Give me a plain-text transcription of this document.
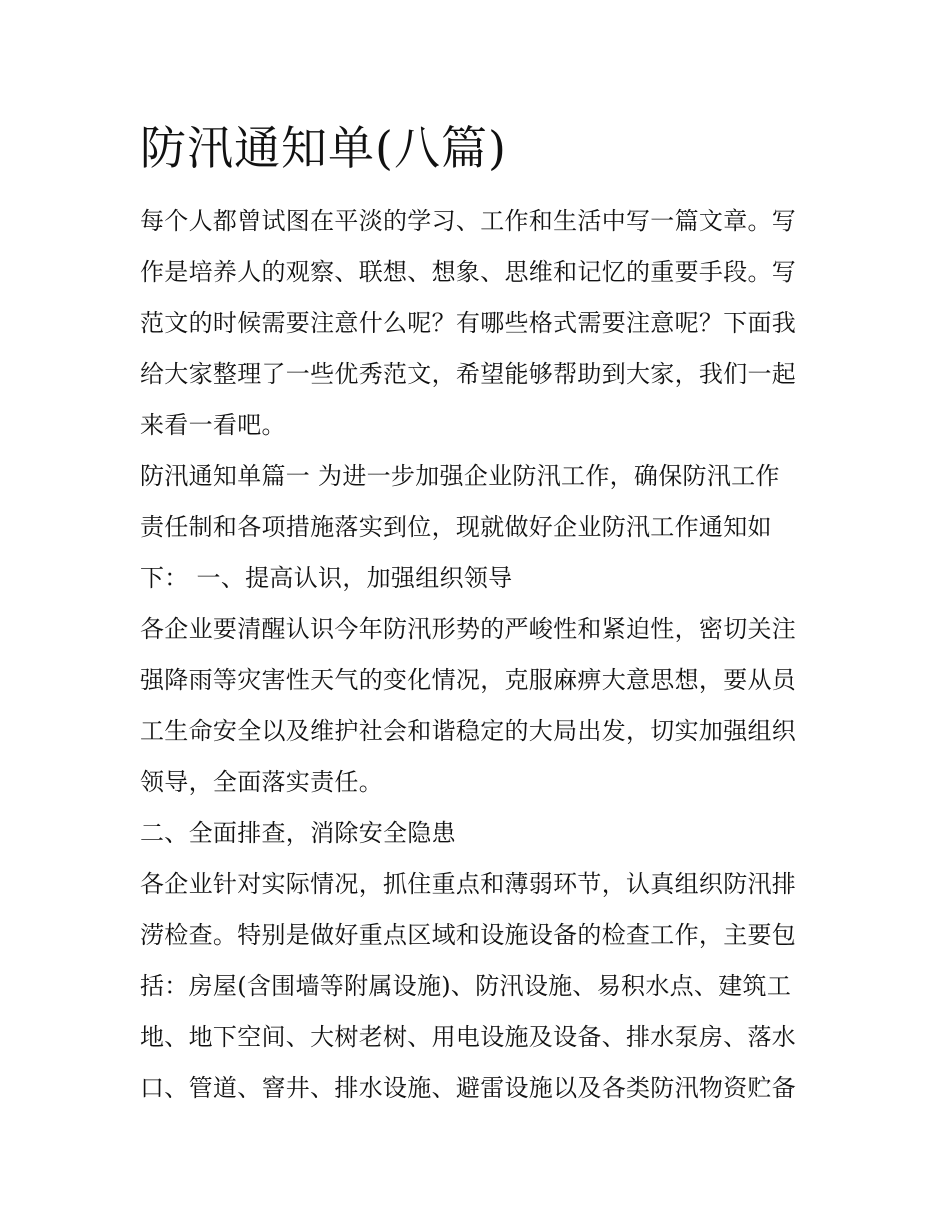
防汛通知单(八篇)

每个人都曾试图在平淡的学习、工作和生活中写一篇文章。写

作是培养人的观察、联想、想象、思维和记忆的重要手段。写

范文的时候需要注意什么呢？有哪些格式需要注意呢？下面我

给大家整理了一些优秀范文，希望能够帮助到大家，我们一起

来看一看吧。

防汛通知单篇一 为进一步加强企业防汛工作，确保防汛工作

责任制和各项措施落实到位，现就做好企业防汛工作通知如

下： 一、提高认识，加强组织领导

各企业要清醒认识今年防汛形势的严峻性和紧迫性，密切关注

强降雨等灾害性天气的变化情况，克服麻痹大意思想，要从员

工生命安全以及维护社会和谐稳定的大局出发，切实加强组织

领导，全面落实责任。

二、全面排查，消除安全隐患

各企业针对实际情况，抓住重点和薄弱环节，认真组织防汛排

涝检查。特别是做好重点区域和设施设备的检查工作，主要包

括：房屋(含围墙等附属设施)、防汛设施、易积水点、建筑工

地、地下空间、大树老树、用电设施及设备、排水泵房、落水

口、管道、窨井、排水设施、避雷设施以及各类防汛物资贮备
